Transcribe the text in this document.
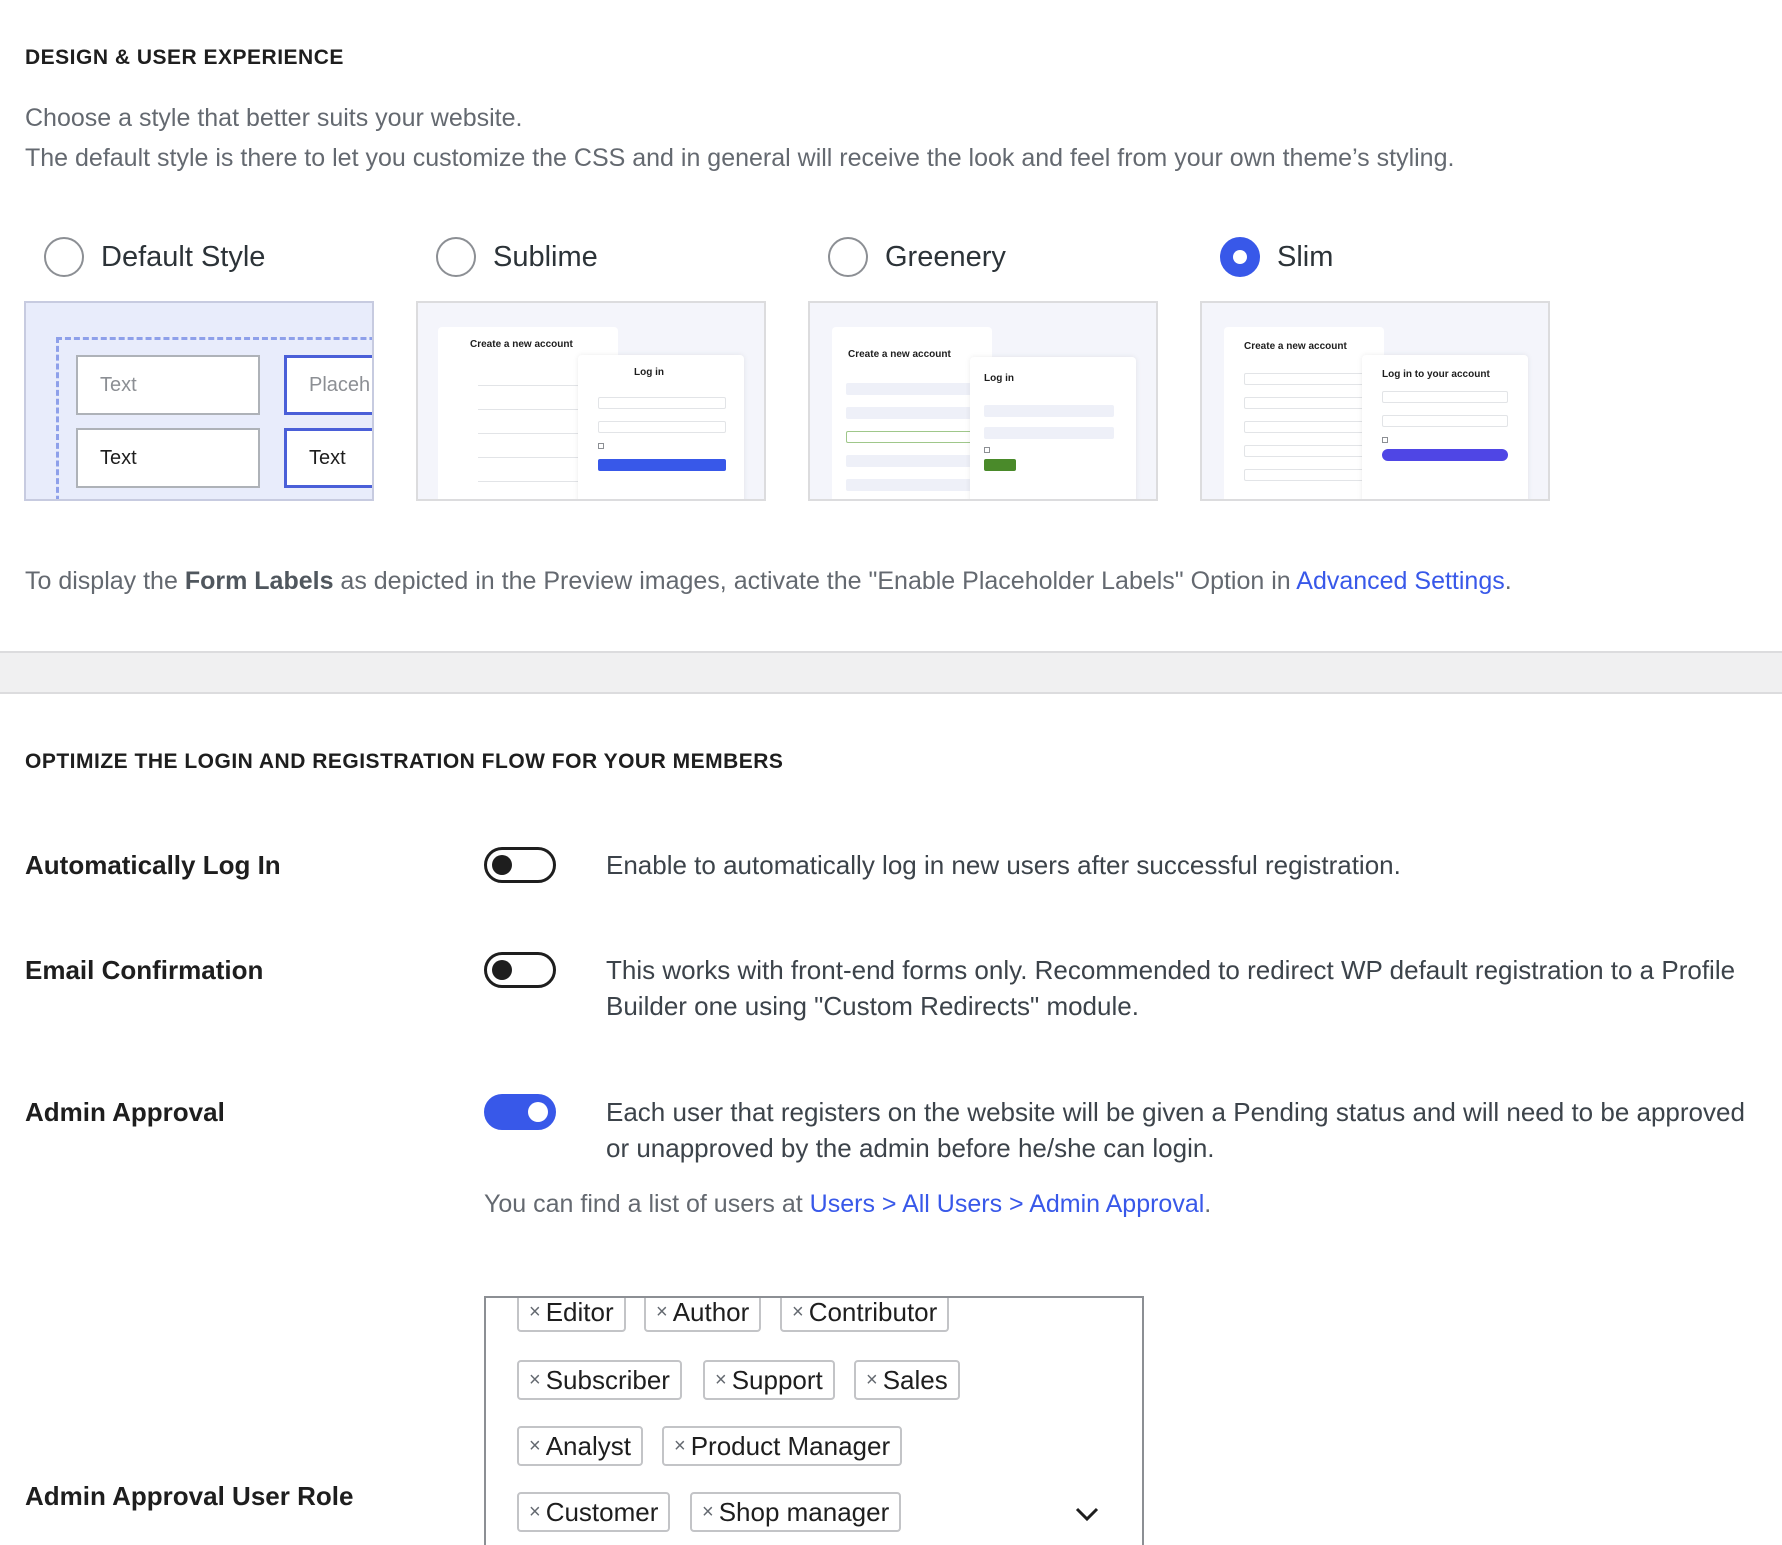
DESIGN & USER EXPERIENCE
Choose a style that better suits your website.
The default style is there to let you customize the CSS and in general will receive the look and feel from your own theme’s styling.
Default Style	Sublime	Greenery	Slim
Text	Placeh
Text	Text
Create a new account
Log in
Create a new account
Log in
Create a new account
Log in to your account
To display the Form Labels as depicted in the Preview images, activate the "Enable Placeholder Labels" Option in Advanced Settings.
OPTIMIZE THE LOGIN AND REGISTRATION FLOW FOR YOUR MEMBERS
Automatically Log In	Enable to automatically log in new users after successful registration.
Email Confirmation	This works with front-end forms only. Recommended to redirect WP default registration to a Profile Builder one using "Custom Redirects" module.
Admin Approval	Each user that registers on the website will be given a Pending status and will need to be approved or unapproved by the admin before he/she can login.
You can find a list of users at Users > All Users > Admin Approval.
Admin Approval User Role
× Editor × Author × Contributor
× Subscriber × Support × Sales
× Analyst × Product Manager
× Customer × Shop manager
